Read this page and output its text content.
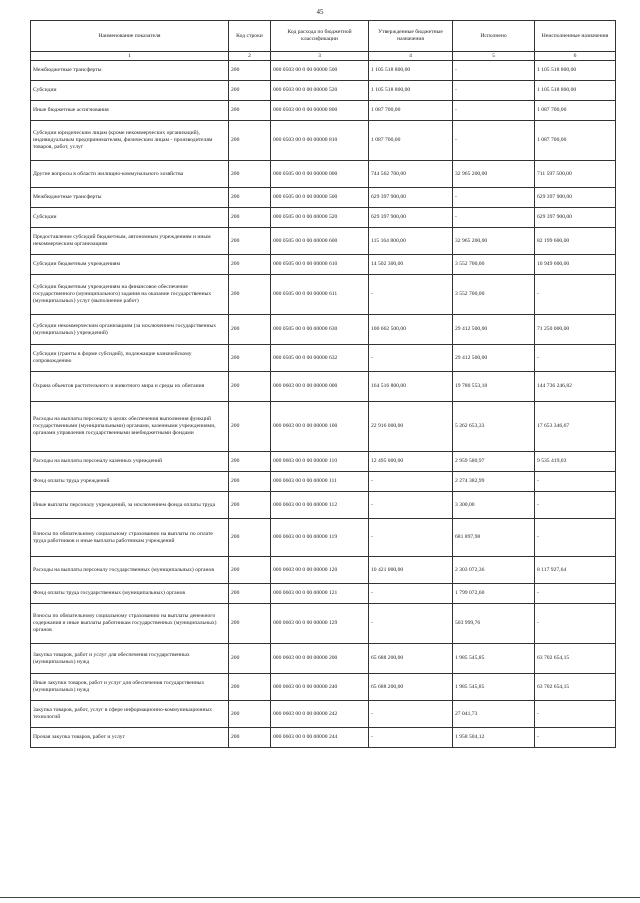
45
Наименование показателя	Код строки	Код расхода по бюджетной классификации	Утвержденные бюджетные назначения	Исполнено	Неисполненные назначения
1	2	3	4	5	6
Межбюджетные трансферты	200	000 0503 00 0 00 00000 500	1 105 518 800,00	-	1 105 518 800,00
Субсидии	200	000 0503 00 0 00 00000 520	1 105 518 800,00	-	1 105 518 800,00
Иные бюджетные ассигнования	200	000 0503 00 0 00 00000 800	1 087 700,00	-	1 087 700,00
Субсидии юридическим лицам (кроме некоммерческих организаций), индивидуальным предпринимателям, физическим лицам - производителям товаров, работ, услуг	200	000 0503 00 0 00 00000 810	1 087 700,00	-	1 087 700,00
Другие вопросы в области жилищно-коммунального хозяйства	200	000 0505 00 0 00 00000 000	744 562 700,00	32 965 200,00	711 597 500,00
Межбюджетные трансферты	200	000 0505 00 0 00 00000 500	629 397 900,00	-	629 397 900,00
Субсидии	200	000 0505 00 0 00 00000 520	629 397 900,00	-	629 397 900,00
Предоставление субсидий бюджетным, автономным учреждениям и иным некоммерческим организациям	200	000 0505 00 0 00 00000 600	115 164 800,00	32 965 200,00	82 199 600,00
Субсидии бюджетным учреждениям	200	000 0505 00 0 00 00000 610	14 502 300,00	3 552 700,00	10 949 600,00
Субсидии бюджетным учреждениям на финансовое обеспечение государственного (муниципального) задания на оказание государственных (муниципальных) услуг (выполнение работ)	200	000 0505 00 0 00 00000 611	-	3 552 700,00	-
Субсидии некоммерческим организациям (за исключением государственных (муниципальных) учреждений)	200	000 0505 00 0 00 00000 630	100 662 500,00	29 412 500,00	71 250 000,00
Субсидии (гранты в форме субсидий), подлежащие казначейскому сопровождению	200	000 0505 00 0 00 00000 632	-	29 412 500,00	-
Охрана объектов растительного и животного мира и среды их обитания	200	000 0603 00 0 00 00000 000	164 516 800,00	19 780 553,18	144 736 246,82
Расходы на выплаты персоналу в целях обеспечения выполнения функций государственными (муниципальными) органами, казенными учреждениями, органами управления государственными внебюджетными фондами	200	000 0603 00 0 00 00000 100	22 916 000,00	5 262 653,33	17 653 346,67
Расходы на выплаты персоналу казенных учреждений	200	000 0603 00 0 00 00000 110	12 495 000,00	2 959 580,97	9 535 419,03
Фонд оплаты труда учреждений	200	000 0603 00 0 00 00000 111	-	2 274 382,99	-
Иные выплаты персоналу учреждений, за исключением фонда оплаты труда	200	000 0603 00 0 00 00000 112	-	3 300,00	-
Взносы по обязательному социальному страхованию на выплаты по оплате труда работников и иные выплаты работникам учреждений	200	000 0603 00 0 00 00000 119	-	681 897,98	-
Расходы на выплаты персоналу государственных (муниципальных) органов	200	000 0603 00 0 00 00000 120	10 421 000,00	2 303 072,36	8 117 927,64
Фонд оплаты труда государственных (муниципальных) органов	200	000 0603 00 0 00 00000 121	-	1 799 072,60	-
Взносы по обязательному социальному страхованию на выплаты денежного содержания и иные выплаты работникам государственных (муниципальных) органов	200	000 0603 00 0 00 00000 129	-	503 999,76	-
Закупка товаров, работ и услуг для обеспечения государственных (муниципальных) нужд	200	000 0603 00 0 00 00000 200	65 688 200,00	1 985 545,85	63 702 654,15
Иные закупки товаров, работ и услуг для обеспечения государственных (муниципальных) нужд	200	000 0603 00 0 00 00000 240	65 688 200,00	1 985 545,85	63 702 654,15
Закупка товаров, работ, услуг в сфере информационно-коммуникационных технологий	200	000 0603 00 0 00 00000 242	-	27 041,73	-
Прочая закупка товаров, работ и услуг	200	000 0603 00 0 00 00000 244	-	1 958 504,12	-
